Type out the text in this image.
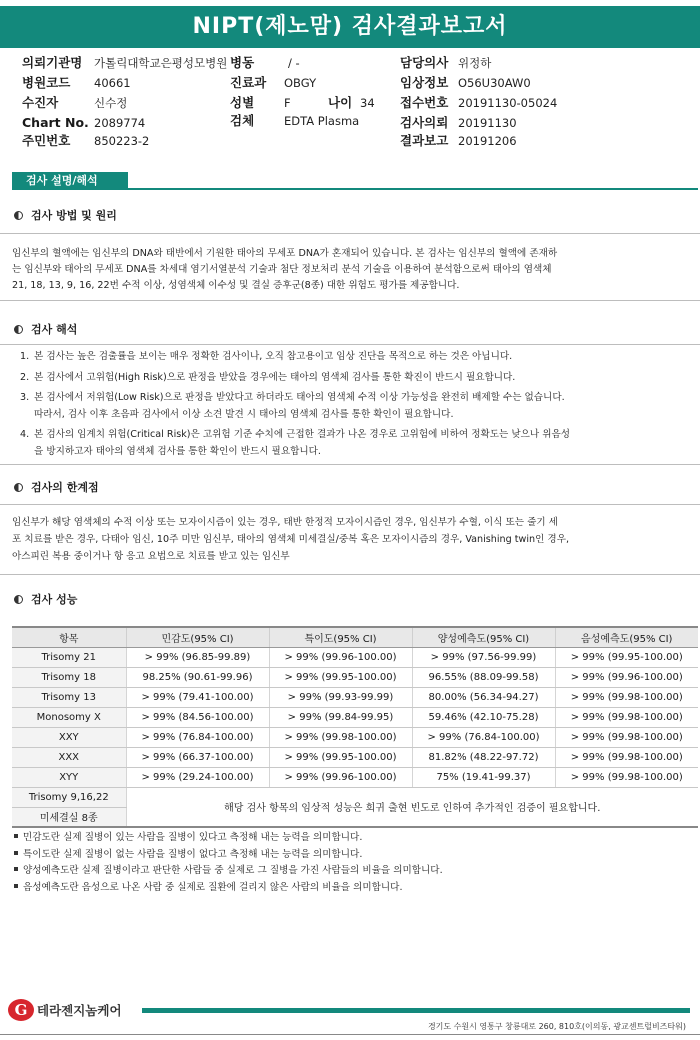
NIPT(제노맘) 검사결과보고서
의뢰기관명 가톨릭대학교은평성모병원 병동	/ -	담당의사 위정하
병원코드 40661	진료과 OBGY	임상정보 O56U30AW0
수진자	신수정	성별	F	나이 34 접수번호 20191130-05024
Chart No. 2089774	검체	EDTA Plasma	검사의뢰 20191130
주민번호 850223-2	결과보고 20191206
검사 설명/해석
검사 방법 및 원리
임신부의 혈액에는 임신부의 DNA와 태반에서 기원한 태아의 무세포 DNA가 혼재되어 있습니다. 본 검사는 임신부의 혈액에 존재하
는 임신부와 태아의 무세포 DNA를 차세대 염기서열분석 기술과 첨단 정보처리 분석 기술을 이용하여 분석함으로써 태아의 염색체
21, 18, 13, 9, 16, 22번 수적 이상, 성염색체 이수성 및 결실 증후군(8종) 대한 위험도 평가를 제공합니다.
검사 해석
1. 본 검사는 높은 검출률을 보이는 매우 정확한 검사이나, 오직 참고용이고 임상 진단을 목적으로 하는 것은 아닙니다.
2. 본 검사에서 고위험(High Risk)으로 판정을 받았을 경우에는 태아의 염색체 검사를 통한 확진이 반드시 필요합니다.
3. 본 검사에서 저위험(Low Risk)으로 판정을 받았다고 하더라도 태아의 염색체 수적 이상 가능성을 완전히 배제할 수는 없습니다.
따라서, 검사 이후 초음파 검사에서 이상 소견 발견 시 태아의 염색체 검사를 통한 확인이 필요합니다.
4. 본 검사의 임계치 위험(Critical Risk)은 고위험 기준 수치에 근접한 결과가 나온 경우로 고위험에 비하여 정확도는 낮으나 위음성
을 방지하고자 태아의 염색체 검사를 통한 확인이 반드시 필요합니다.
검사의 한계점
임신부가 해당 염색체의 수적 이상 또는 모자이시즘이 있는 경우, 태반 한정적 모자이시즘인 경우, 임신부가 수혈, 이식 또는 줄기 세
포 치료를 받은 경우, 다태아 임신, 10주 미만 임신부, 태아의 염색체 미세결실/중복 혹은 모자이시즘의 경우, Vanishing twin인 경우,
아스피린 복용 중이거나 항 응고 요법으로 치료를 받고 있는 임신부
검사 성능
항목	민감도(95% CI)	특이도(95% CI)	양성예측도(95% CI)	음성예측도(95% CI)
Trisomy 21	> 99% (96.85-99.89)	> 99% (99.96-100.00)	> 99% (97.56-99.99)	> 99% (99.95-100.00)
Trisomy 18	98.25% (90.61-99.96)	> 99% (99.95-100.00)	96.55% (88.09-99.58)	> 99% (99.96-100.00)
Trisomy 13	> 99% (79.41-100.00)	> 99% (99.93-99.99)	80.00% (56.34-94.27)	> 99% (99.98-100.00)
Monosomy X	> 99% (84.56-100.00)	> 99% (99.84-99.95)	59.46% (42.10-75.28)	> 99% (99.98-100.00)
XXY	> 99% (76.84-100.00)	> 99% (99.98-100.00)	> 99% (76.84-100.00)	> 99% (99.98-100.00)
XXX	> 99% (66.37-100.00)	> 99% (99.95-100.00)	81.82% (48.22-97.72)	> 99% (99.98-100.00)
XYY	> 99% (29.24-100.00)	> 99% (99.96-100.00)	75% (19.41-99.37)	> 99% (99.98-100.00)
Trisomy 9,16,22	해당 검사 항목의 임상적 성능은 희귀 출현 빈도로 인하여 추가적인 검증이 필요합니다.			
미세결실 8종				
민감도란 실제 질병이 있는 사람을 질병이 있다고 측정해 내는 능력을 의미합니다.
특이도란 실제 질병이 없는 사람을 질병이 없다고 측정해 내는 능력을 의미합니다.
양성예측도란 실제 질병이라고 판단한 사람들 중 실제로 그 질병을 가진 사람들의 비율을 의미합니다.
음성예측도란 음성으로 나온 사람 중 실제로 질환에 걸리지 않은 사람의 비율을 의미합니다.
G 테라젠지놈케어
경기도 수원시 영통구 창룡대로 260, 810호(이의동, 광교센트럴비즈타워)
